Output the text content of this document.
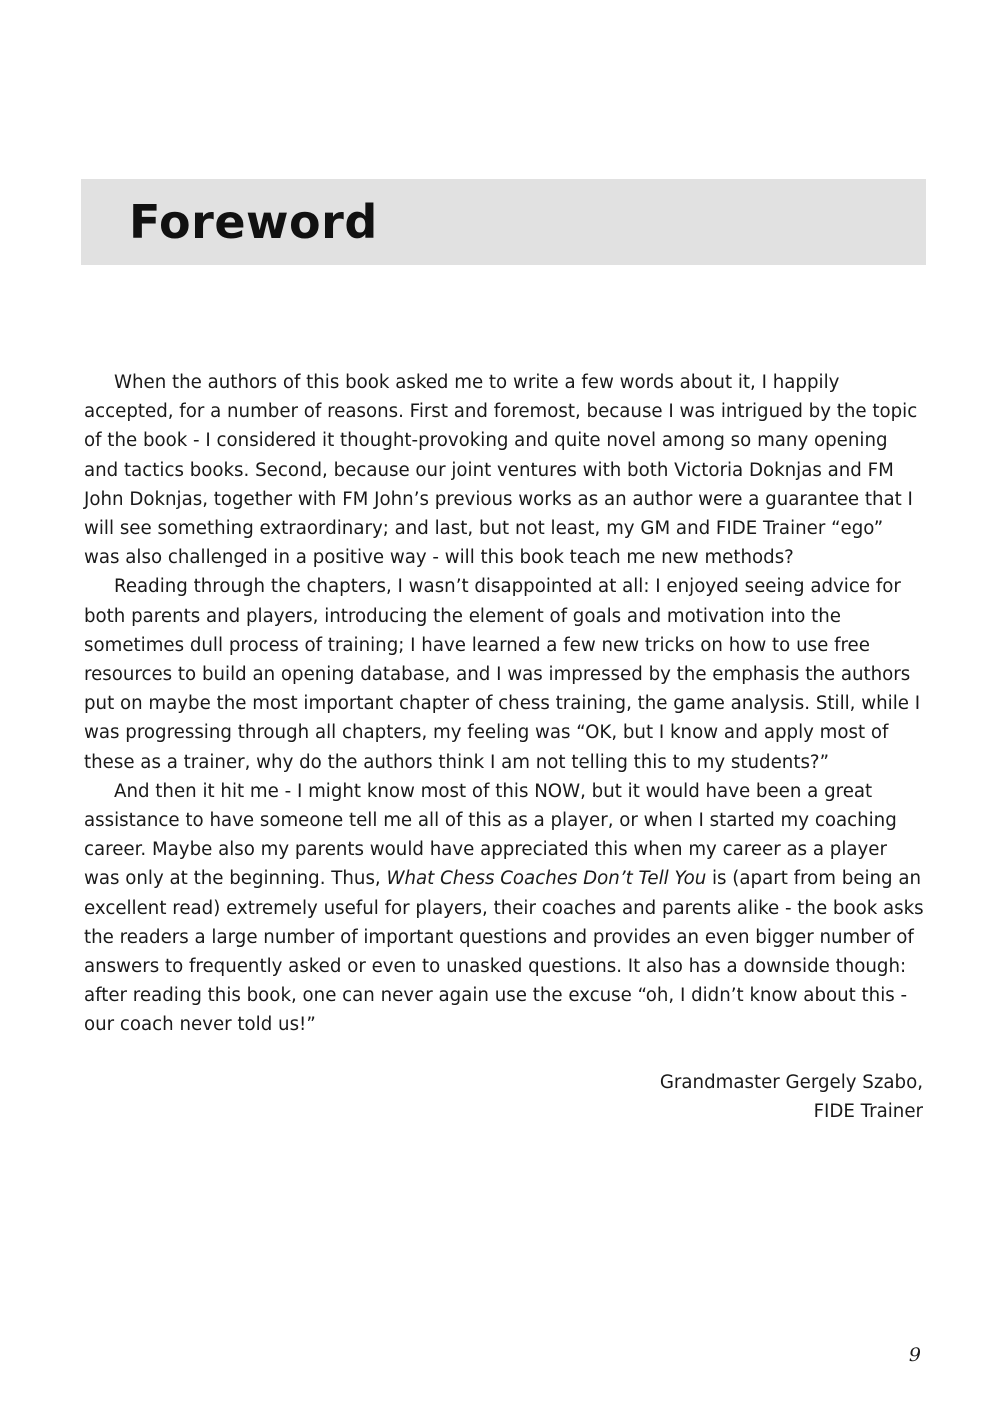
Foreword

When the authors of this book asked me to write a few words about it, I happily accepted, for a number of reasons. First and foremost, because I was intrigued by the topic of the book - I considered it thought-provoking and quite novel among so many opening and tactics books. Second, because our joint ventures with both Victoria Doknjas and FM John Doknjas, together with FM John’s previous works as an author were a guarantee that I will see something extraordinary; and last, but not least, my GM and FIDE Trainer “ego” was also challenged in a positive way - will this book teach me new methods?

Reading through the chapters, I wasn’t disappointed at all: I enjoyed seeing advice for both parents and players, introducing the element of goals and motivation into the sometimes dull process of training; I have learned a few new tricks on how to use free resources to build an opening database, and I was impressed by the emphasis the authors put on maybe the most important chapter of chess training, the game analysis. Still, while I was progressing through all chapters, my feeling was “OK, but I know and apply most of these as a trainer, why do the authors think I am not telling this to my students?”

And then it hit me - I might know most of this NOW, but it would have been a great assistance to have someone tell me all of this as a player, or when I started my coaching career. Maybe also my parents would have appreciated this when my career as a player was only at the beginning. Thus, What Chess Coaches Don’t Tell You is (apart from being an excellent read) extremely useful for players, their coaches and parents alike - the book asks the readers a large number of important questions and provides an even bigger number of answers to frequently asked or even to unasked questions. It also has a downside though: after reading this book, one can never again use the excuse “oh, I didn’t know about this - our coach never told us!”

Grandmaster Gergely Szabo,
FIDE Trainer
9
